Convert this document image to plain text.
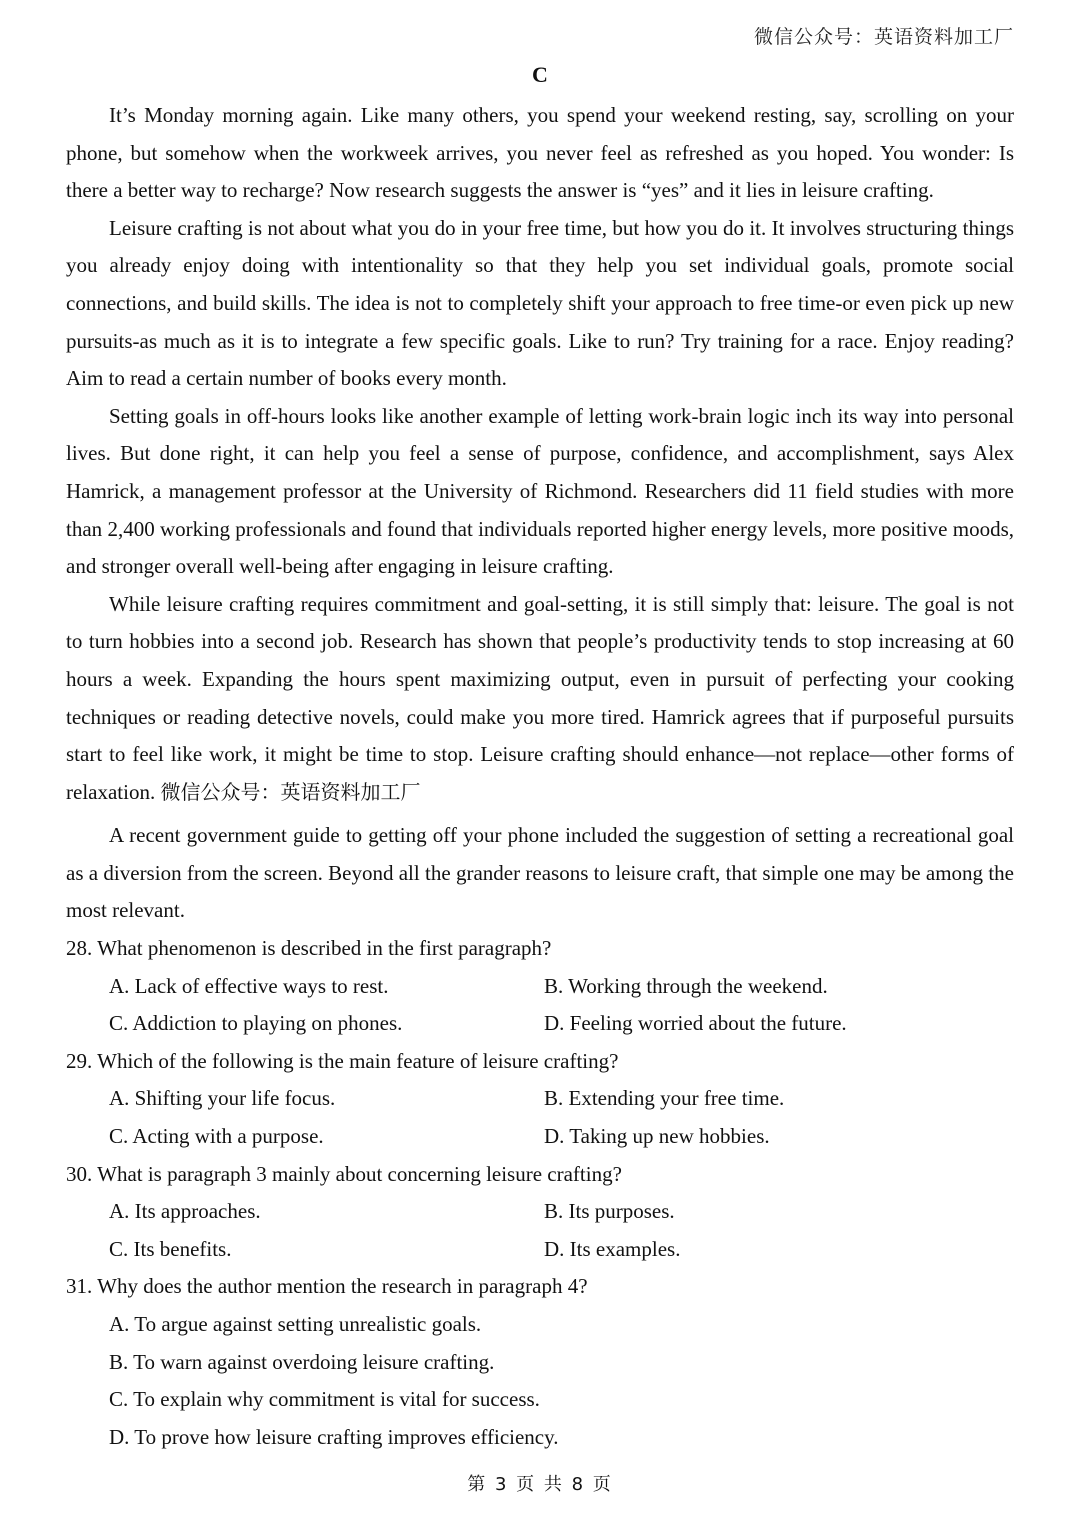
微信公众号：英语资料加工厂
C

It’s Monday morning again. Like many others, you spend your weekend resting, say, scrolling on your phone, but somehow when the workweek arrives, you never feel as refreshed as you hoped. You wonder: Is there a better way to recharge? Now research suggests the answer is “yes” and it lies in leisure crafting.

Leisure crafting is not about what you do in your free time, but how you do it. It involves structuring things you already enjoy doing with intentionality so that they help you set individual goals, promote social connections, and build skills. The idea is not to completely shift your approach to free time-or even pick up new pursuits-as much as it is to integrate a few specific goals. Like to run? Try training for a race. Enjoy reading? Aim to read a certain number of books every month.

Setting goals in off-hours looks like another example of letting work-brain logic inch its way into personal lives. But done right, it can help you feel a sense of purpose, confidence, and accomplishment, says Alex Hamrick, a management professor at the University of Richmond. Researchers did 11 field studies with more than 2,400 working professionals and found that individuals reported higher energy levels, more positive moods, and stronger overall well-being after engaging in leisure crafting.

While leisure crafting requires commitment and goal-setting, it is still simply that: leisure. The goal is not to turn hobbies into a second job. Research has shown that people’s productivity tends to stop increasing at 60 hours a week. Expanding the hours spent maximizing output, even in pursuit of perfecting your cooking techniques or reading detective novels, could make you more tired. Hamrick agrees that if purposeful pursuits start to feel like work, it might be time to stop. Leisure crafting should enhance—not replace—other forms of relaxation. 微信公众号：英语资料加工厂

A recent government guide to getting off your phone included the suggestion of setting a recreational goal as a diversion from the screen. Beyond all the grander reasons to leisure craft, that simple one may be among the most relevant.

28. What phenomenon is described in the first paragraph?

A. Lack of effective ways to rest.	B. Working through the weekend.
C. Addiction to playing on phones.	D. Feeling worried about the future.

29. Which of the following is the main feature of leisure crafting?

A. Shifting your life focus.	B. Extending your free time.
C. Acting with a purpose.	D. Taking up new hobbies.

30. What is paragraph 3 mainly about concerning leisure crafting?

A. Its approaches.	B. Its purposes.
C. Its benefits.	D. Its examples.

31. Why does the author mention the research in paragraph 4?

A. To argue against setting unrealistic goals.
B. To warn against overdoing leisure crafting.
C. To explain why commitment is vital for success.
D. To prove how leisure crafting improves efficiency.
第 3 页 共 8 页
